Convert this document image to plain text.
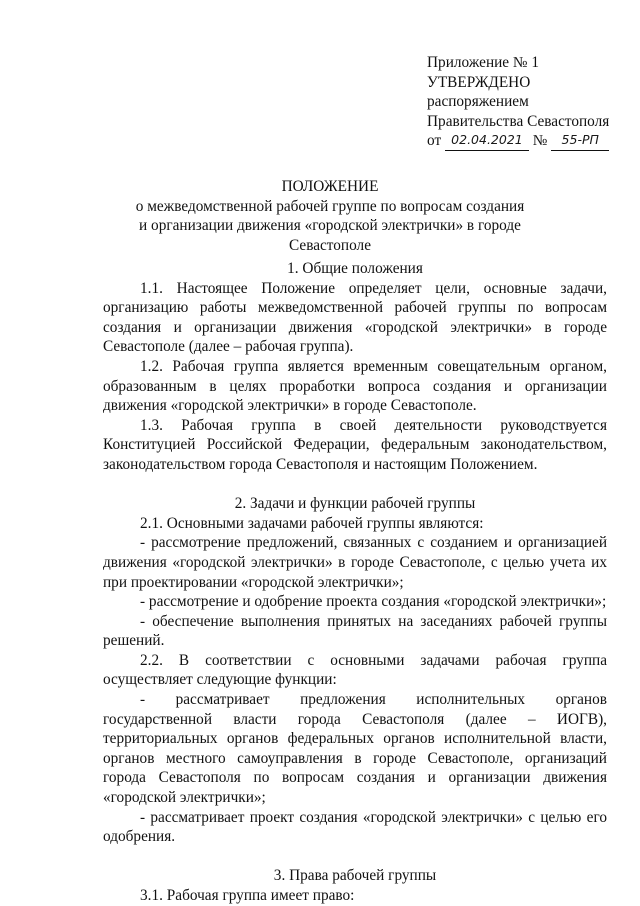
Приложение № 1
УТВЕРЖДЕНО
распоряжением
Правительства Севастополя
от 02.04.2021 № 55-РП
ПОЛОЖЕНИЕ
о межведомственной рабочей группе по вопросам создания
и организации движения «городской электрички» в городе Севастополе
1. Общие положения
1.1. Настоящее Положение определяет цели, основные задачи, организацию работы межведомственной рабочей группы по вопросам создания и организации движения «городской электрички» в городе Севастополе (далее – рабочая группа).
1.2. Рабочая группа является временным совещательным органом, образованным в целях проработки вопроса создания и организации движения «городской электрички» в городе Севастополе.
1.3. Рабочая группа в своей деятельности руководствуется Конституцией Российской Федерации, федеральным законодательством, законодательством города Севастополя и настоящим Положением.
2. Задачи и функции рабочей группы
2.1. Основными задачами рабочей группы являются:
- рассмотрение предложений, связанных с созданием и организацией движения «городской электрички» в городе Севастополе, с целью учета их при проектировании «городской электрички»;
- рассмотрение и одобрение проекта создания «городской электрички»;
- обеспечение выполнения принятых на заседаниях рабочей группы решений.
2.2. В соответствии с основными задачами рабочая группа осуществляет следующие функции:
- рассматривает предложения исполнительных органов государственной власти города Севастополя (далее – ИОГВ), территориальных органов федеральных органов исполнительной власти, органов местного самоуправления в городе Севастополе, организаций города Севастополя по вопросам создания и организации движения «городской электрички»;
- рассматривает проект создания «городской электрички» с целью его одобрения.
3. Права рабочей группы
3.1. Рабочая группа имеет право:
